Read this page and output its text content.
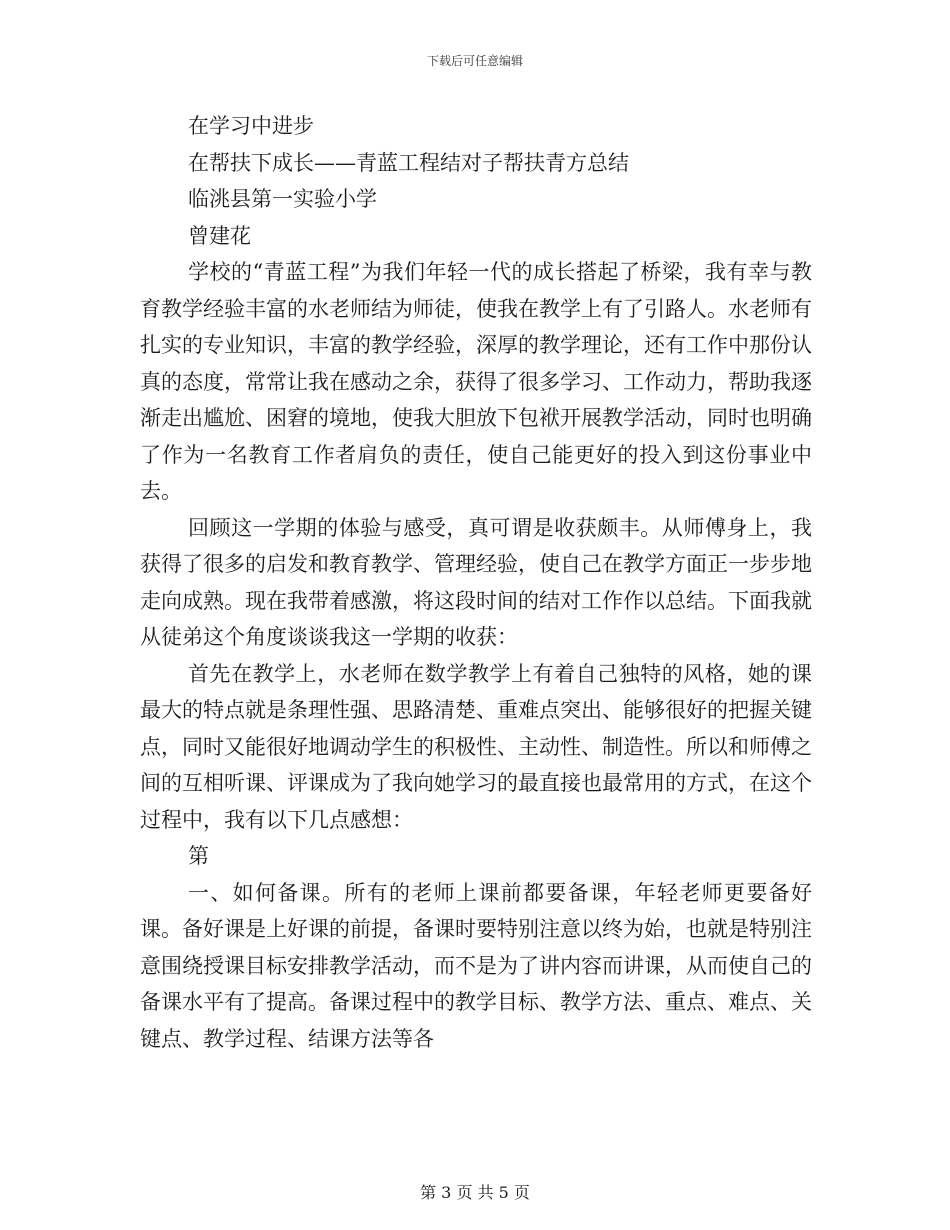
下载后可任意编辑

在学习中进步

在帮扶下成长——青蓝工程结对子帮扶青方总结

临洮县第一实验小学

曾建花

学校的“青蓝工程”为我们年轻一代的成长搭起了桥梁，我有幸与教育教学经验丰富的水老师结为师徒，使我在教学上有了引路人。水老师有扎实的专业知识，丰富的教学经验，深厚的教学理论，还有工作中那份认真的态度，常常让我在感动之余，获得了很多学习、工作动力，帮助我逐渐走出尴尬、困窘的境地，使我大胆放下包袱开展教学活动，同时也明确了作为一名教育工作者肩负的责任，使自己能更好的投入到这份事业中去。

回顾这一学期的体验与感受，真可谓是收获颇丰。从师傅身上，我获得了很多的启发和教育教学、管理经验，使自己在教学方面正一步步地走向成熟。现在我带着感激，将这段时间的结对工作作以总结。下面我就从徒弟这个角度谈谈我这一学期的收获：

首先在教学上，水老师在数学教学上有着自己独特的风格，她的课最大的特点就是条理性强、思路清楚、重难点突出、能够很好的把握关键点，同时又能很好地调动学生的积极性、主动性、制造性。所以和师傅之间的互相听课、评课成为了我向她学习的最直接也最常用的方式，在这个过程中，我有以下几点感想：

第

一、如何备课。所有的老师上课前都要备课，年轻老师更要备好课。备好课是上好课的前提，备课时要特别注意以终为始，也就是特别注意围绕授课目标安排教学活动，而不是为了讲内容而讲课，从而使自己的备课水平有了提高。备课过程中的教学目标、教学方法、重点、难点、关键点、教学过程、结课方法等各

第 3 页 共 5 页
